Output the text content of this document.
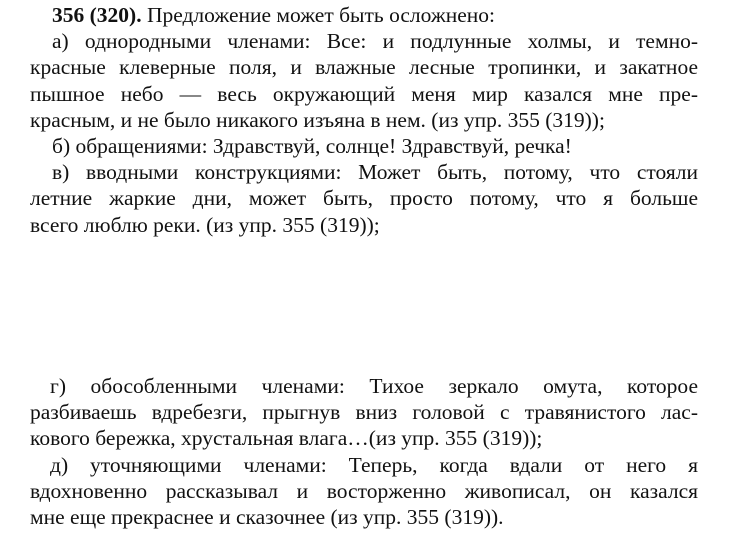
356 (320). Предложение может быть осложнено:
а) однородными членами: Все: и подлунные холмы, и темно-
красные клеверные поля, и влажные лесные тропинки, и закатное
пышное небо — весь окружающий меня мир казался мне пре-
красным, и не было никакого изъяна в нем. (из упр. 355 (319));
б) обращениями: Здравствуй, солнце! Здравствуй, речка!
в) вводными конструкциями: Может быть, потому, что стояли
летние жаркие дни, может быть, просто потому, что я больше
всего люблю реки. (из упр. 355 (319));
г) обособленными членами: Тихое зеркало омута, которое
разбиваешь вдребезги, прыгнув вниз головой с травянистого лас-
кового бережка, хрустальная влага…(из упр. 355 (319));
д) уточняющими членами: Теперь, когда вдали от него я
вдохновенно рассказывал и восторженно живописал, он казался
мне еще прекраснее и сказочнее (из упр. 355 (319)).
